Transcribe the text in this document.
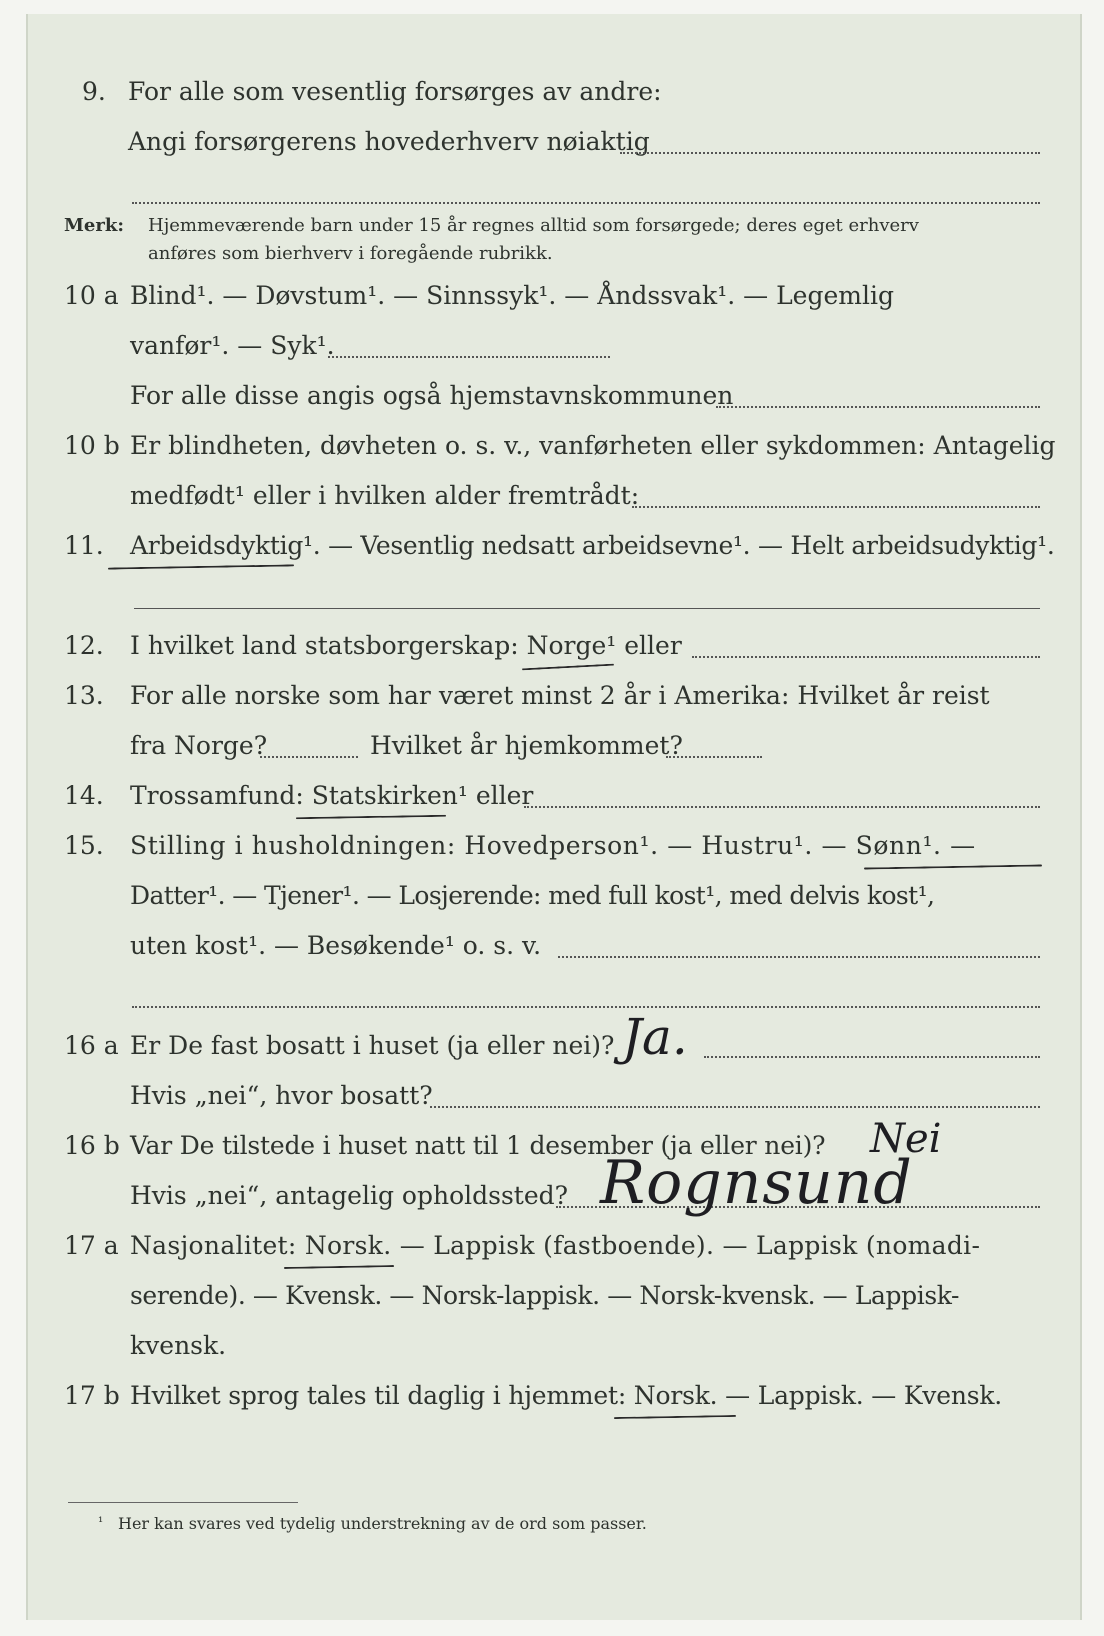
9. For alle som vesentlig forsørges av andre:
Angi forsørgerens hovederhverv nøiaktig
Merk: Hjemmeværende barn under 15 år regnes alltid som forsørgede; deres eget erhverv
anføres som bierhverv i foregående rubrikk.
10 a Blind¹. — Døvstum¹. — Sinnssyk¹. — Åndssvak¹. — Legemlig
vanfør¹. — Syk¹.
For alle disse angis også hjemstavnskommunen
10 b Er blindheten, døvheten o. s. v., vanførheten eller sykdommen: Antagelig
medfødt¹ eller i hvilken alder fremtrådt:
11. Arbeidsdyktig¹. — Vesentlig nedsatt arbeidsevne¹. — Helt arbeidsudyktig¹.
12. I hvilket land statsborgerskap: Norge¹ eller
13. For alle norske som har været minst 2 år i Amerika: Hvilket år reist
fra Norge?	Hvilket år hjemkommet?
14. Trossamfund: Statskirken¹ eller
15. Stilling i husholdningen: Hovedperson¹. — Hustru¹. — Sønn¹. —
Datter¹. — Tjener¹. — Losjerende: med full kost¹, med delvis kost¹,
uten kost¹. — Besøkende¹ o. s. v.
16 a Er De fast bosatt i huset (ja eller nei)? Ja.
Hvis „nei“, hvor bosatt?
16 b Var De tilstede i huset natt til 1 desember (ja eller nei)? Nei
Hvis „nei“, antagelig opholdssted? Rognsund
17 a Nasjonalitet: Norsk. — Lappisk (fastboende). — Lappisk (nomadi-
serende). — Kvensk. — Norsk-lappisk. — Norsk-kvensk. — Lappisk-
kvensk.
17 b Hvilket sprog tales til daglig i hjemmet: Norsk. — Lappisk. — Kvensk.
¹ Her kan svares ved tydelig understrekning av de ord som passer.
